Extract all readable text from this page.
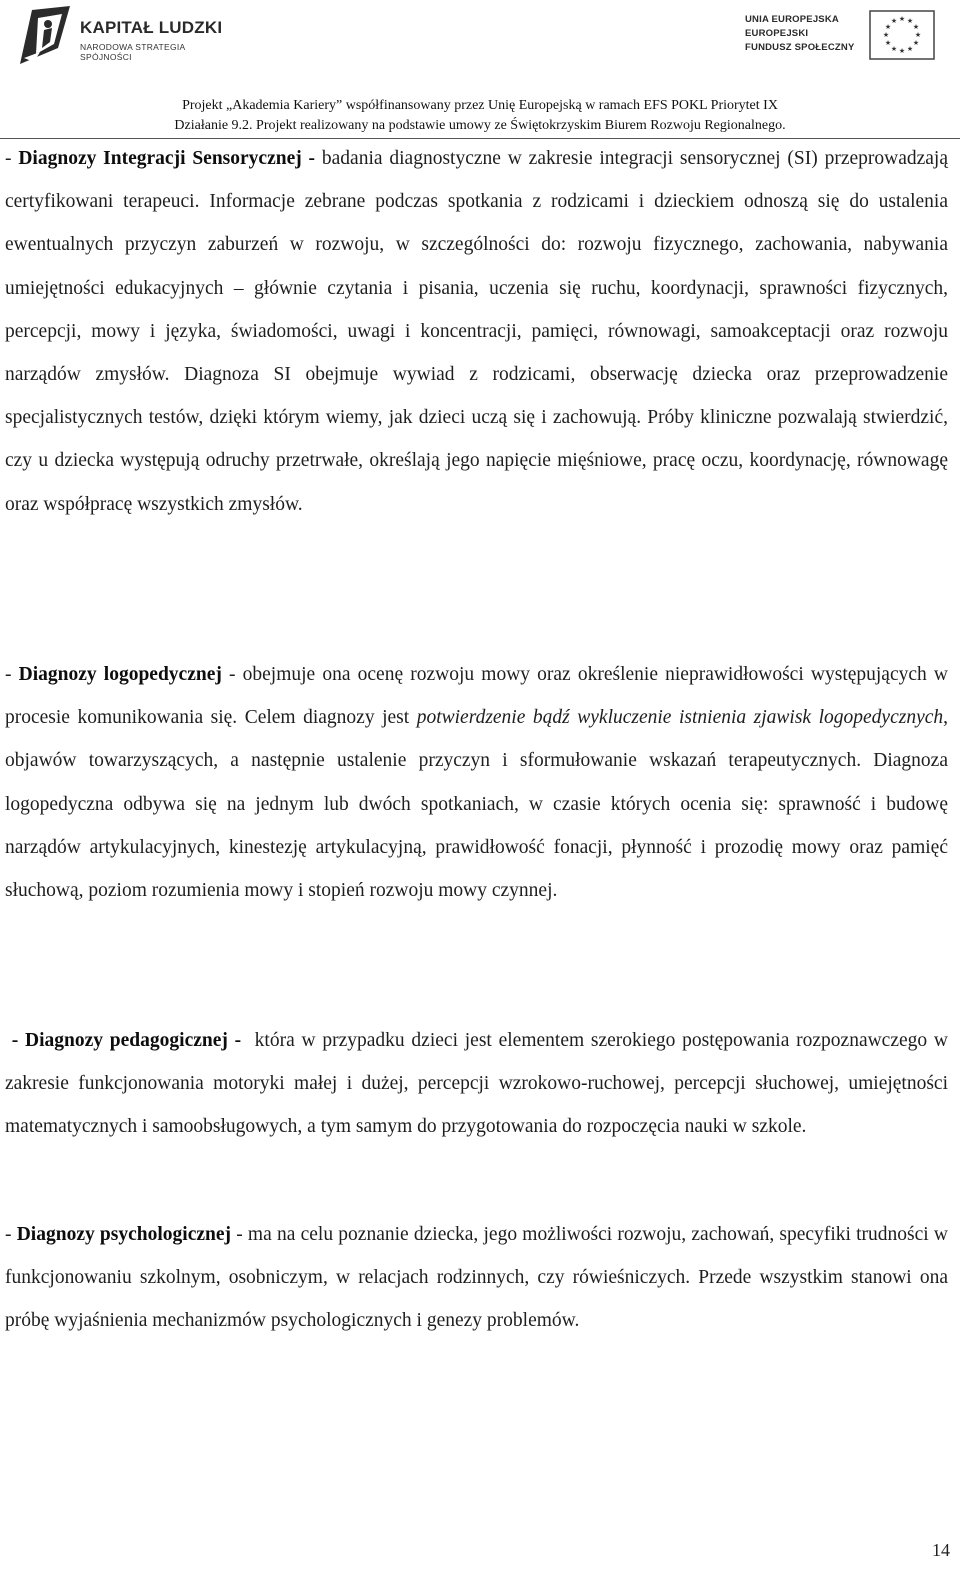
KAPITAŁ LUDZKI
NARODOWA STRATEGIA SPÓJNOŚCI
UNIA EUROPEJSKA
EUROPEJSKI
FUNDUSZ SPOŁECZNY
★ ★
★
★
★
★
★
★
★
★
★
★
Projekt „Akademia Kariery” współfinansowany przez Unię Europejską w ramach EFS POKL Priorytet IX
Działanie 9.2. Projekt realizowany na podstawie umowy ze Świętokrzyskim Biurem Rozwoju Regionalnego.

- Diagnozy Integracji Sensorycznej - badania diagnostyczne w zakresie integracji sensorycznej (SI) przeprowadzają certyfikowani terapeuci. Informacje zebrane podczas spotkania z rodzicami i dzieckiem odnoszą się do ustalenia ewentualnych przyczyn zaburzeń w rozwoju, w szczególności do: rozwoju fizycznego, zachowania, nabywania umiejętności edukacyjnych – głównie czytania i pisania, uczenia się ruchu, koordynacji, sprawności fizycznych, percepcji, mowy i języka, świadomości, uwagi i koncentracji, pamięci, równowagi, samoakceptacji oraz rozwoju narządów zmysłów. Diagnoza SI obejmuje wywiad z rodzicami, obserwację dziecka oraz przeprowadzenie specjalistycznych testów, dzięki którym wiemy, jak dzieci uczą się i zachowują. Próby kliniczne pozwalają stwierdzić, czy u dziecka występują odruchy przetrwałe, określają jego napięcie mięśniowe, pracę oczu, koordynację, równowagę oraz współpracę wszystkich zmysłów.

- Diagnozy logopedycznej - obejmuje ona ocenę rozwoju mowy oraz określenie nieprawidłowości występujących w procesie komunikowania się. Celem diagnozy jest potwierdzenie bądź wykluczenie istnienia zjawisk logopedycznych, objawów towarzyszących, a następnie ustalenie przyczyn i sformułowanie wskazań terapeutycznych. Diagnoza logopedyczna odbywa się na jednym lub dwóch spotkaniach, w czasie których ocenia się: sprawność i budowę narządów artykulacyjnych, kinestezję artykulacyjną, prawidłowość fonacji, płynność i prozodię mowy oraz pamięć słuchową, poziom rozumienia mowy i stopień rozwoju mowy czynnej.

- Diagnozy pedagogicznej -  która w przypadku dzieci jest elementem szerokiego postępowania rozpoznawczego w zakresie funkcjonowania motoryki małej i dużej, percepcji wzrokowo-ruchowej, percepcji słuchowej, umiejętności matematycznych i samoobsługowych, a tym samym do przygotowania do rozpoczęcia nauki w szkole.

- Diagnozy psychologicznej - ma na celu poznanie dziecka, jego możliwości rozwoju, zachowań, specyfiki trudności w funkcjonowaniu szkolnym, osobniczym, w relacjach rodzinnych, czy rówieśniczych. Przede wszystkim stanowi ona próbę wyjaśnienia mechanizmów psychologicznych i genezy problemów.

14
